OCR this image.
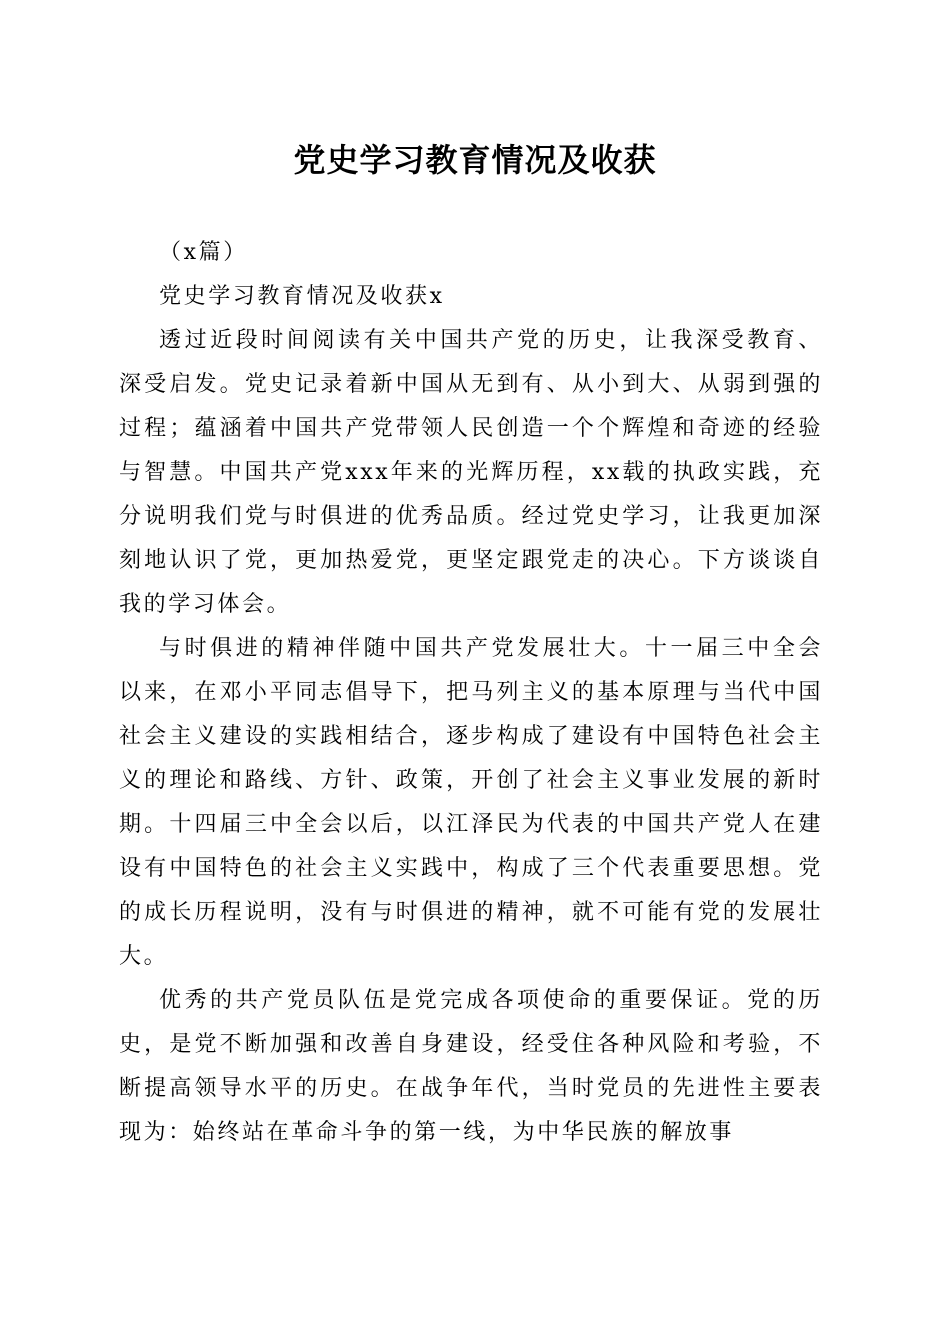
党史学习教育情况及收获

（x篇）

党史学习教育情况及收获x

透过近段时间阅读有关中国共产党的历史，让我深受教育、深受启发。党史记录着新中国从无到有、从小到大、从弱到强的过程；蕴涵着中国共产党带领人民创造一个个辉煌和奇迹的经验与智慧。中国共产党xxx年来的光辉历程，xx载的执政实践，充分说明我们党与时俱进的优秀品质。经过党史学习，让我更加深刻地认识了党，更加热爱党，更坚定跟党走的决心。下方谈谈自我的学习体会。

与时俱进的精神伴随中国共产党发展壮大。十一届三中全会以来，在邓小平同志倡导下，把马列主义的基本原理与当代中国社会主义建设的实践相结合，逐步构成了建设有中国特色社会主义的理论和路线、方针、政策，开创了社会主义事业发展的新时期。十四届三中全会以后，以江泽民为代表的中国共产党人在建设有中国特色的社会主义实践中，构成了三个代表重要思想。党的成长历程说明，没有与时俱进的精神，就不可能有党的发展壮大。

优秀的共产党员队伍是党完成各项使命的重要保证。党的历史，是党不断加强和改善自身建设，经受住各种风险和考验，不断提高领导水平的历史。在战争年代，当时党员的先进性主要表现为：始终站在革命斗争的第一线，为中华民族的解放事
